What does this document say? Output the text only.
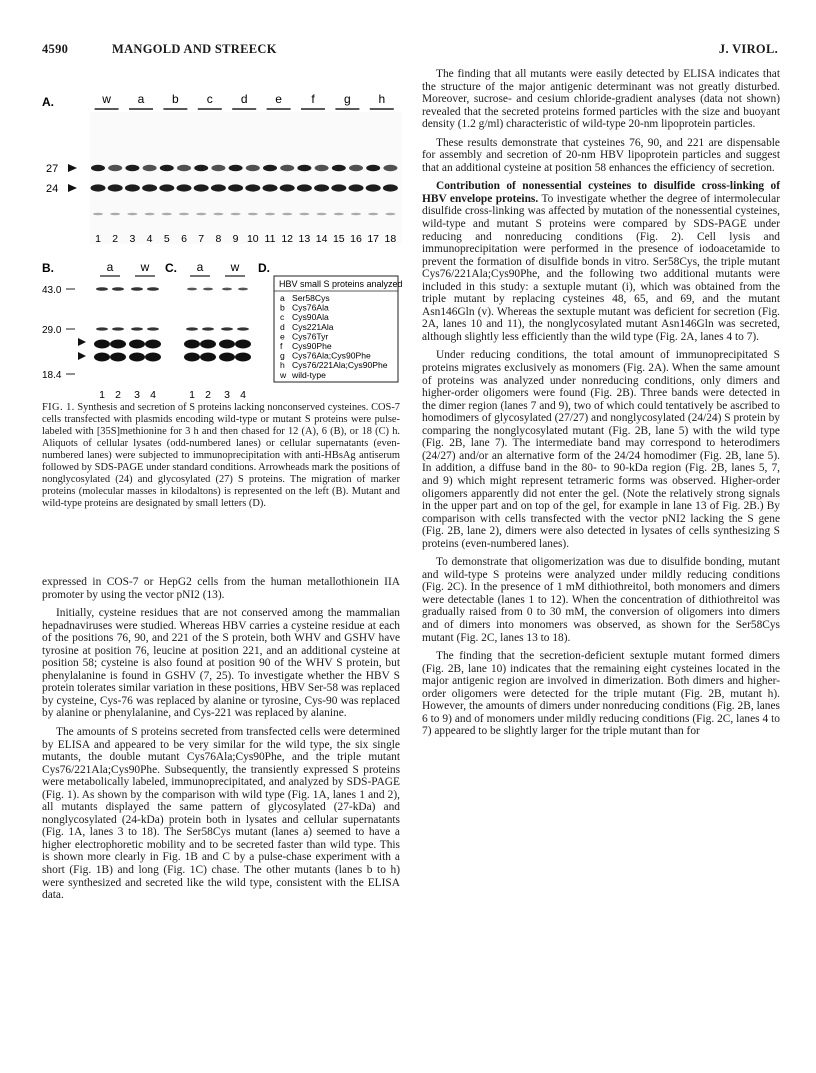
4590	MANGOLD AND STREECK	J. VIROL.
A.	w a b c d e f g h
1 2 3 4 5 6 7 8 9 10 11 12 13 14 15 16 17 18
27
24
B.	a w
43.0
29.0
18.4
1 2 3 4
C. a w
1 2 3 4
D.
HBV small S proteins analyzed
a Ser58Cys
b Cys76Ala
c Cys90Ala
d Cys221Ala
e Cys76Tyr
f Cys90Phe
g Cys76Ala;Cys90Phe
h Cys76/221Ala;Cys90Phe
w wild-type
FIG. 1. Synthesis and secretion of S proteins lacking nonconserved cysteines. COS-7 cells transfected with plasmids encoding wild-type or mutant S proteins were pulse-labeled with [35S]methionine for 3 h and then chased for 12 (A), 6 (B), or 18 (C) h. Aliquots of cellular lysates (odd-numbered lanes) or cellular supernatants (even-numbered lanes) were subjected to immunoprecipitation with anti-HBsAg antiserum followed by SDS-PAGE under standard conditions. Arrowheads mark the positions of nonglycosylated (24) and glycosylated (27) S proteins. The migration of marker proteins (molecular masses in kilodaltons) is represented on the left (B). Mutant and wild-type proteins are designated by small letters (D).

expressed in COS-7 or HepG2 cells from the human metallothionein IIA promoter by using the vector pNI2 (13).

Initially, cysteine residues that are not conserved among the mammalian hepadnaviruses were studied. Whereas HBV carries a cysteine residue at each of the positions 76, 90, and 221 of the S protein, both WHV and GSHV have tyrosine at position 76, leucine at position 221, and an additional cysteine at position 58; cysteine is also found at position 90 of the WHV S protein, but phenylalanine is found in GSHV (7, 25). To investigate whether the HBV S protein tolerates similar variation in these positions, HBV Ser-58 was replaced by cysteine, Cys-76 was replaced by alanine or tyrosine, Cys-90 was replaced by alanine or phenylalanine, and Cys-221 was replaced by alanine.

The amounts of S proteins secreted from transfected cells were determined by ELISA and appeared to be very similar for the wild type, the six single mutants, the double mutant Cys76Ala;Cys90Phe, and the triple mutant Cys76/221Ala;Cys90Phe. Subsequently, the transiently expressed S proteins were metabolically labeled, immunoprecipitated, and analyzed by SDS-PAGE (Fig. 1). As shown by the comparison with wild type (Fig. 1A, lanes 1 and 2), all mutants displayed the same pattern of glycosylated (27-kDa) and nonglycosylated (24-kDa) protein both in lysates and cellular supernatants (Fig. 1A, lanes 3 to 18). The Ser58Cys mutant (lanes a) seemed to have a higher electrophoretic mobility and to be secreted faster than wild type. This is shown more clearly in Fig. 1B and C by a pulse-chase experiment with a short (Fig. 1B) and long (Fig. 1C) chase. The other mutants (lanes b to h) were synthesized and secreted like the wild type, consistent with the ELISA data.

The finding that all mutants were easily detected by ELISA indicates that the structure of the major antigenic determinant was not greatly disturbed. Moreover, sucrose- and cesium chloride-gradient analyses (data not shown) revealed that the secreted proteins formed particles with the size and buoyant density (1.2 g/ml) characteristic of wild-type 20-nm lipoprotein particles.

These results demonstrate that cysteines 76, 90, and 221 are dispensable for assembly and secretion of 20-nm HBV lipoprotein particles and suggest that an additional cysteine at position 58 enhances the efficiency of secretion.

Contribution of nonessential cysteines to disulfide cross-linking of HBV envelope proteins. To investigate whether the degree of intermolecular disulfide cross-linking was affected by mutation of the nonessential cysteines, wild-type and mutant S proteins were compared by SDS-PAGE under reducing and nonreducing conditions (Fig. 2). Cell lysis and immunoprecipitation were performed in the presence of iodoacetamide to prevent the formation of disulfide bonds in vitro. Ser58Cys, the triple mutant Cys76/221Ala;Cys90Phe, and the following two additional mutants were included in this study: a sextuple mutant (i), which was obtained from the triple mutant by replacing cysteines 48, 65, and 69, and the mutant Asn146Gln (v). Whereas the sextuple mutant was deficient for secretion (Fig. 2A, lanes 10 and 11), the nonglycosylated mutant Asn146Gln was secreted, although slightly less efficiently than the wild type (Fig. 2A, lanes 4 to 7).

Under reducing conditions, the total amount of immunoprecipitated S proteins migrates exclusively as monomers (Fig. 2A). When the same amount of proteins was analyzed under nonreducing conditions, only dimers and higher-order oligomers were found (Fig. 2B). Three bands were detected in the dimer region (lanes 7 and 9), two of which could tentatively be ascribed to homodimers of glycosylated (27/27) and nonglycosylated (24/24) S protein by comparing the nonglycosylated mutant (Fig. 2B, lane 5) with the wild type (Fig. 2B, lane 7). The intermediate band may correspond to heterodimers (24/27) and/or an alternative form of the 24/24 homodimer (Fig. 2B, lane 5). In addition, a diffuse band in the 80- to 90-kDa region (Fig. 2B, lanes 5, 7, and 9) which might represent tetrameric forms was observed. Higher-order oligomers apparently did not enter the gel. (Note the relatively strong signals in the upper part and on top of the gel, for example in lane 13 of Fig. 2B.) By comparison with cells transfected with the vector pNI2 lacking the S gene (Fig. 2B, lane 2), dimers were also detected in lysates of cells synthesizing S proteins (even-numbered lanes).

To demonstrate that oligomerization was due to disulfide bonding, mutant and wild-type S proteins were analyzed under mildly reducing conditions (Fig. 2C). In the presence of 1 mM dithiothreitol, both monomers and dimers were detectable (lanes 1 to 12). When the concentration of dithiothreitol was gradually raised from 0 to 30 mM, the conversion of oligomers into dimers and of dimers into monomers was observed, as shown for the Ser58Cys mutant (Fig. 2C, lanes 13 to 18).

The finding that the secretion-deficient sextuple mutant formed dimers (Fig. 2B, lane 10) indicates that the remaining eight cysteines located in the major antigenic region are involved in dimerization. Both dimers and higher-order oligomers were detected for the triple mutant (Fig. 2B, mutant h). However, the amounts of dimers under nonreducing conditions (Fig. 2B, lanes 6 to 9) and of monomers under mildly reducing conditions (Fig. 2C, lanes 4 to 7) appeared to be slightly larger for the triple mutant than for
